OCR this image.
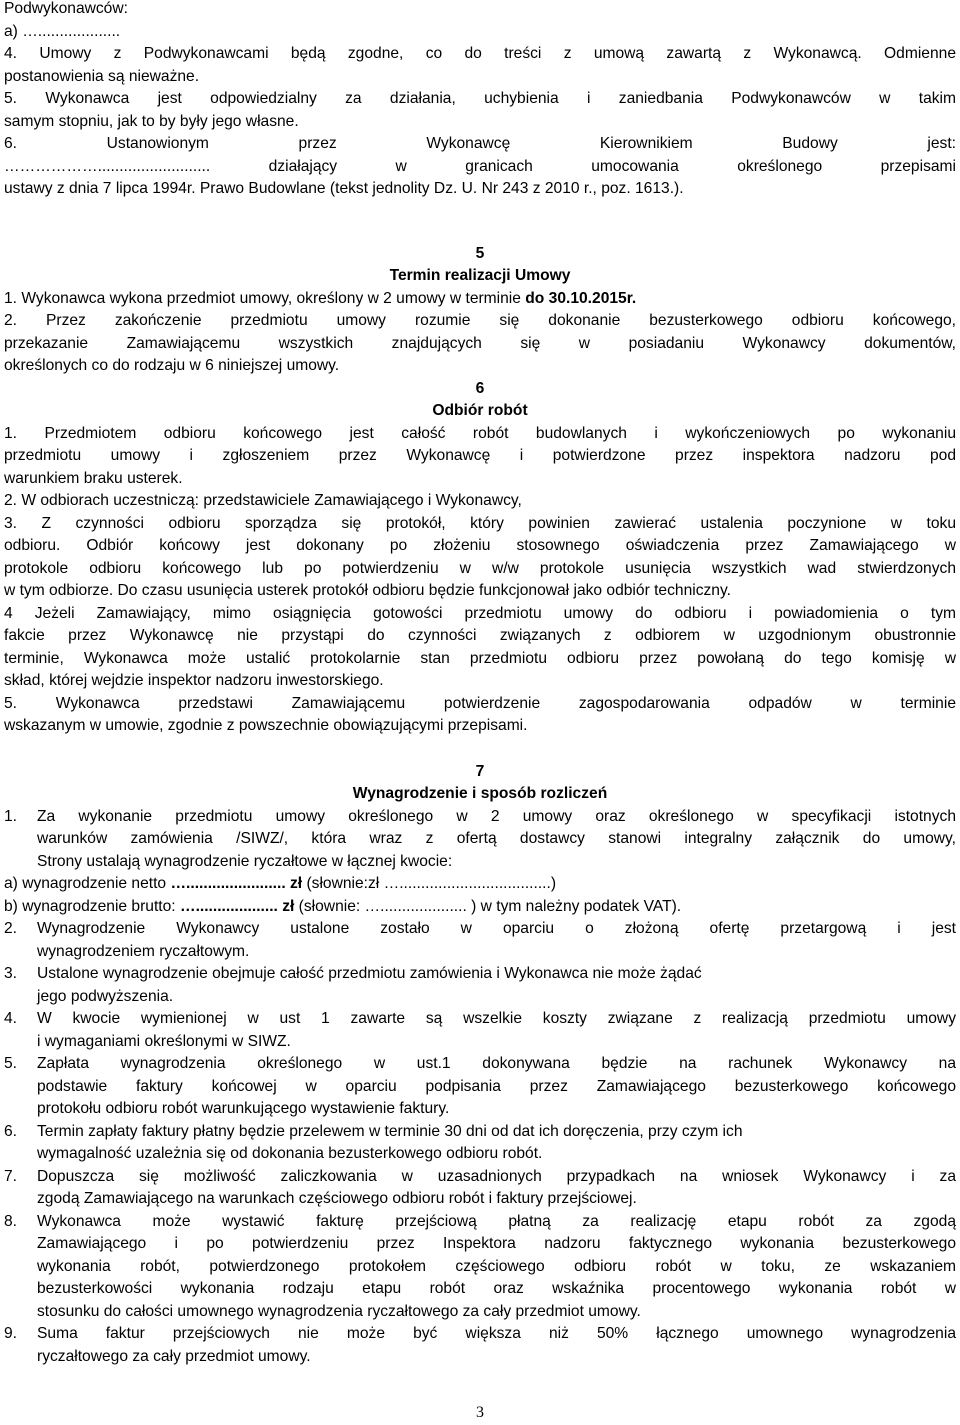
Podwykonawców:

a) …...................

4. Umowy z Podwykonawcami będą zgodne, co do treści z umową zawartą z Wykonawcą. Odmienne

postanowienia są nieważne.

5. Wykonawca jest odpowiedzialny za działania, uchybienia i zaniedbania Podwykonawców w takim

samym stopniu, jak to by były jego własne.

6. Ustanowionym przez Wykonawcę Kierownikiem Budowy jest:

……………….......................... działający w granicach umocowania określonego przepisami

ustawy z dnia 7 lipca 1994r. Prawo Budowlane (tekst jednolity Dz. U. Nr 243 z 2010 r., poz. 1613.).

5

Termin realizacji Umowy

1. Wykonawca wykona przedmiot umowy, określony w 2 umowy w terminie do 30.10.2015r.

2. Przez zakończenie przedmiotu umowy rozumie się dokonanie bezusterkowego odbioru końcowego,

przekazanie Zamawiającemu wszystkich znajdujących się w posiadaniu Wykonawcy dokumentów,

określonych co do rodzaju w 6 niniejszej umowy.

6

Odbiór robót

1. Przedmiotem odbioru końcowego jest całość robót budowlanych i wykończeniowych po wykonaniu

przedmiotu umowy i zgłoszeniem przez Wykonawcę i potwierdzone przez inspektora nadzoru pod

warunkiem braku usterek.

2. W odbiorach uczestniczą: przedstawiciele Zamawiającego i Wykonawcy,

3. Z czynności odbioru sporządza się protokół, który powinien zawierać ustalenia poczynione w toku

odbioru. Odbiór końcowy jest dokonany po złożeniu stosownego oświadczenia przez Zamawiającego w

protokole odbioru końcowego lub po potwierdzeniu w w/w protokole usunięcia wszystkich wad stwierdzonych

w tym odbiorze. Do czasu usunięcia usterek protokół odbioru będzie funkcjonował jako odbiór techniczny.

4 Jeżeli Zamawiający, mimo osiągnięcia gotowości przedmiotu umowy do odbioru i powiadomienia o tym

fakcie przez Wykonawcę nie przystąpi do czynności związanych z odbiorem w uzgodnionym obustronnie

terminie, Wykonawca może ustalić protokolarnie stan przedmiotu odbioru przez powołaną do tego komisję w

skład, której wejdzie inspektor nadzoru inwestorskiego.

5. Wykonawca przedstawi Zamawiającemu potwierdzenie zagospodarowania odpadów w terminie

wskazanym w umowie, zgodnie z powszechnie obowiązującymi przepisami.

7

Wynagrodzenie i sposób rozliczeń

1. Za wykonanie przedmiotu umowy określonego w 2 umowy oraz określonego w specyfikacji istotnych

warunków zamówienia /SIWZ/, która wraz z ofertą dostawcy stanowi integralny załącznik do umowy,

Strony ustalają wynagrodzenie ryczałtowe w łącznej kwocie:

a) wynagrodzenie netto …....................... zł (słownie:zł …...................................)

b) wynagrodzenie brutto: …................... zł (słownie: ….................... ) w tym należny podatek VAT).

2. Wynagrodzenie Wykonawcy ustalone zostało w oparciu o złożoną ofertę przetargową i jest

wynagrodzeniem ryczałtowym.

3. Ustalone wynagrodzenie obejmuje całość przedmiotu zamówienia i Wykonawca nie może żądać

jego podwyższenia.

4. W kwocie wymienionej w ust 1 zawarte są wszelkie koszty związane z realizacją przedmiotu umowy

i wymaganiami określonymi w SIWZ.

5. Zapłata wynagrodzenia określonego w ust.1 dokonywana będzie na rachunek Wykonawcy na

podstawie faktury końcowej w oparciu podpisania przez Zamawiającego bezusterkowego końcowego

protokołu odbioru robót warunkującego wystawienie faktury.

6. Termin zapłaty faktury płatny będzie przelewem w terminie 30 dni od dat ich doręczenia, przy czym ich

wymagalność uzależnia się od dokonania bezusterkowego odbioru robót.

7. Dopuszcza się możliwość zaliczkowania w uzasadnionych przypadkach na wniosek Wykonawcy i za

zgodą Zamawiającego na warunkach częściowego odbioru robót i faktury przejściowej.

8. Wykonawca może wystawić fakturę przejściową płatną za realizację etapu robót za zgodą

Zamawiającego i po potwierdzeniu przez Inspektora nadzoru faktycznego wykonania bezusterkowego

wykonania robót, potwierdzonego protokołem częściowego odbioru robót w toku, ze wskazaniem

bezusterkowości wykonania rodzaju etapu robót oraz wskaźnika procentowego wykonania robót w

stosunku do całości umownego wynagrodzenia ryczałtowego za cały przedmiot umowy.

9. Suma faktur przejściowych nie może być większa niż 50% łącznego umownego wynagrodzenia

ryczałtowego za cały przedmiot umowy.

3
